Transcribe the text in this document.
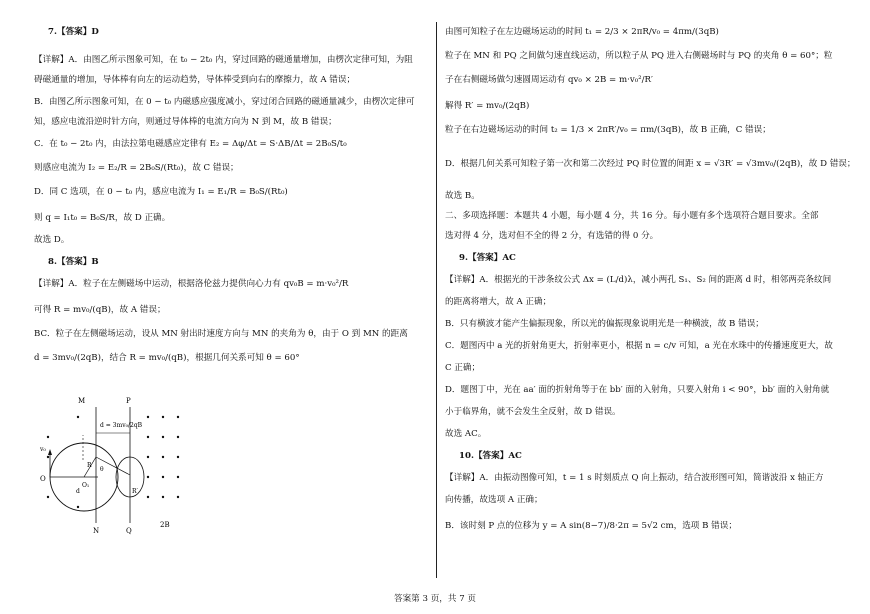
7.【答案】D
【详解】A．由图乙所示图象可知，在 t₀ − 2t₀ 内，穿过回路的磁通量增加，由楞次定律可知，为阻
碍磁通量的增加，导体棒有向左的运动趋势，导体棒受到向右的摩擦力，故 A 错误；
B．由图乙所示图象可知，在 0 − t₀ 内磁感应强度减小，穿过闭合回路的磁通量减少，由楞次定律可
知，感应电流沿逆时针方向，则通过导体棒的电流方向为 N 到 M，故 B 错误；
C．在 t₀ − 2t₀ 内，由法拉第电磁感应定律有 E₂ = Δφ/Δt = S·ΔB/Δt = 2B₀S/t₀
则感应电流为 I₂ = E₂/R = 2B₀S/(Rt₀)，故 C 错误；
D．同 C 选项，在 0 − t₀ 内，感应电流为 I₁ = E₁/R = B₀S/(Rt₀)
则 q = I₁t₀ = B₀S/R，故 D 正确。
故选 D。
8.【答案】B
【详解】A．粒子在左侧磁场中运动，根据洛伦兹力提供向心力有 qv₀B = m·v₀²/R
可得 R = mv₀/(qB)，故 A 错误；
BC．粒子在左侧磁场运动，设从 MN 射出时速度方向与 MN 的夹角为 θ，由于 O 到 MN 的距离
d = 3mv₀/(2qB)，结合 R = mv₀/(qB)，根据几何关系可知 θ = 60°
由图可知粒子在左边磁场运动的时间 t₁ = 2/3 × 2πR/v₀ = 4πm/(3qB)
粒子在 MN 和 PQ 之间做匀速直线运动，所以粒子从 PQ 进入右侧磁场时与 PQ 的夹角 θ = 60°；粒
子在右侧磁场做匀速圆周运动有 qv₀ × 2B = m·v₀²/R′
解得 R′ = mv₀/(2qB)
粒子在右边磁场运动的时间 t₂ = 1/3 × 2πR′/v₀ = πm/(3qB)，故 B 正确，C 错误；
D．根据几何关系可知粒子第一次和第二次经过 PQ 时位置的间距 x = √3R′ = √3mv₀/(2qB)，故 D 错误；
故选 B。
二、多项选择题：本题共 4 小题，每小题 4 分，共 16 分。每小题有多个选项符合题目要求。全部
选对得 4 分，选对但不全的得 2 分，有选错的得 0 分。
9.【答案】AC
【详解】A．根据光的干涉条纹公式 Δx = (L/d)λ，减小两孔 S₁、S₂ 间的距离 d 时，相邻两亮条纹间
的距离将增大，故 A 正确；
B．只有横波才能产生偏振现象，所以光的偏振现象说明光是一种横波，故 B 错误；
C．题图丙中 a 光的折射角更大，折射率更小，根据 n = c/v 可知，a 光在水珠中的传播速度更大，故
C 正确；
D．题图丁中，光在 aa′ 面的折射角等于在 bb′ 面的入射角，只要入射角 i < 90°，bb′ 面的入射角就
小于临界角，就不会发生全反射，故 D 错误。
故选 AC。
10.【答案】AC
【详解】A．由振动图像可知，t = 1 s 时刻质点 Q 向上振动，结合波形图可知，简谐波沿 x 轴正方
向传播，故选项 A 正确；
B．该时刻 P 点的位移为 y = A sin(8−7)/8·2π = 5√2 cm，选项 B 错误；
M	P
N	Q
O
O₁
R
R′
θ
d = 3mv₀/2qB
d
v₀
2B
答案第 3 页，共 7 页
